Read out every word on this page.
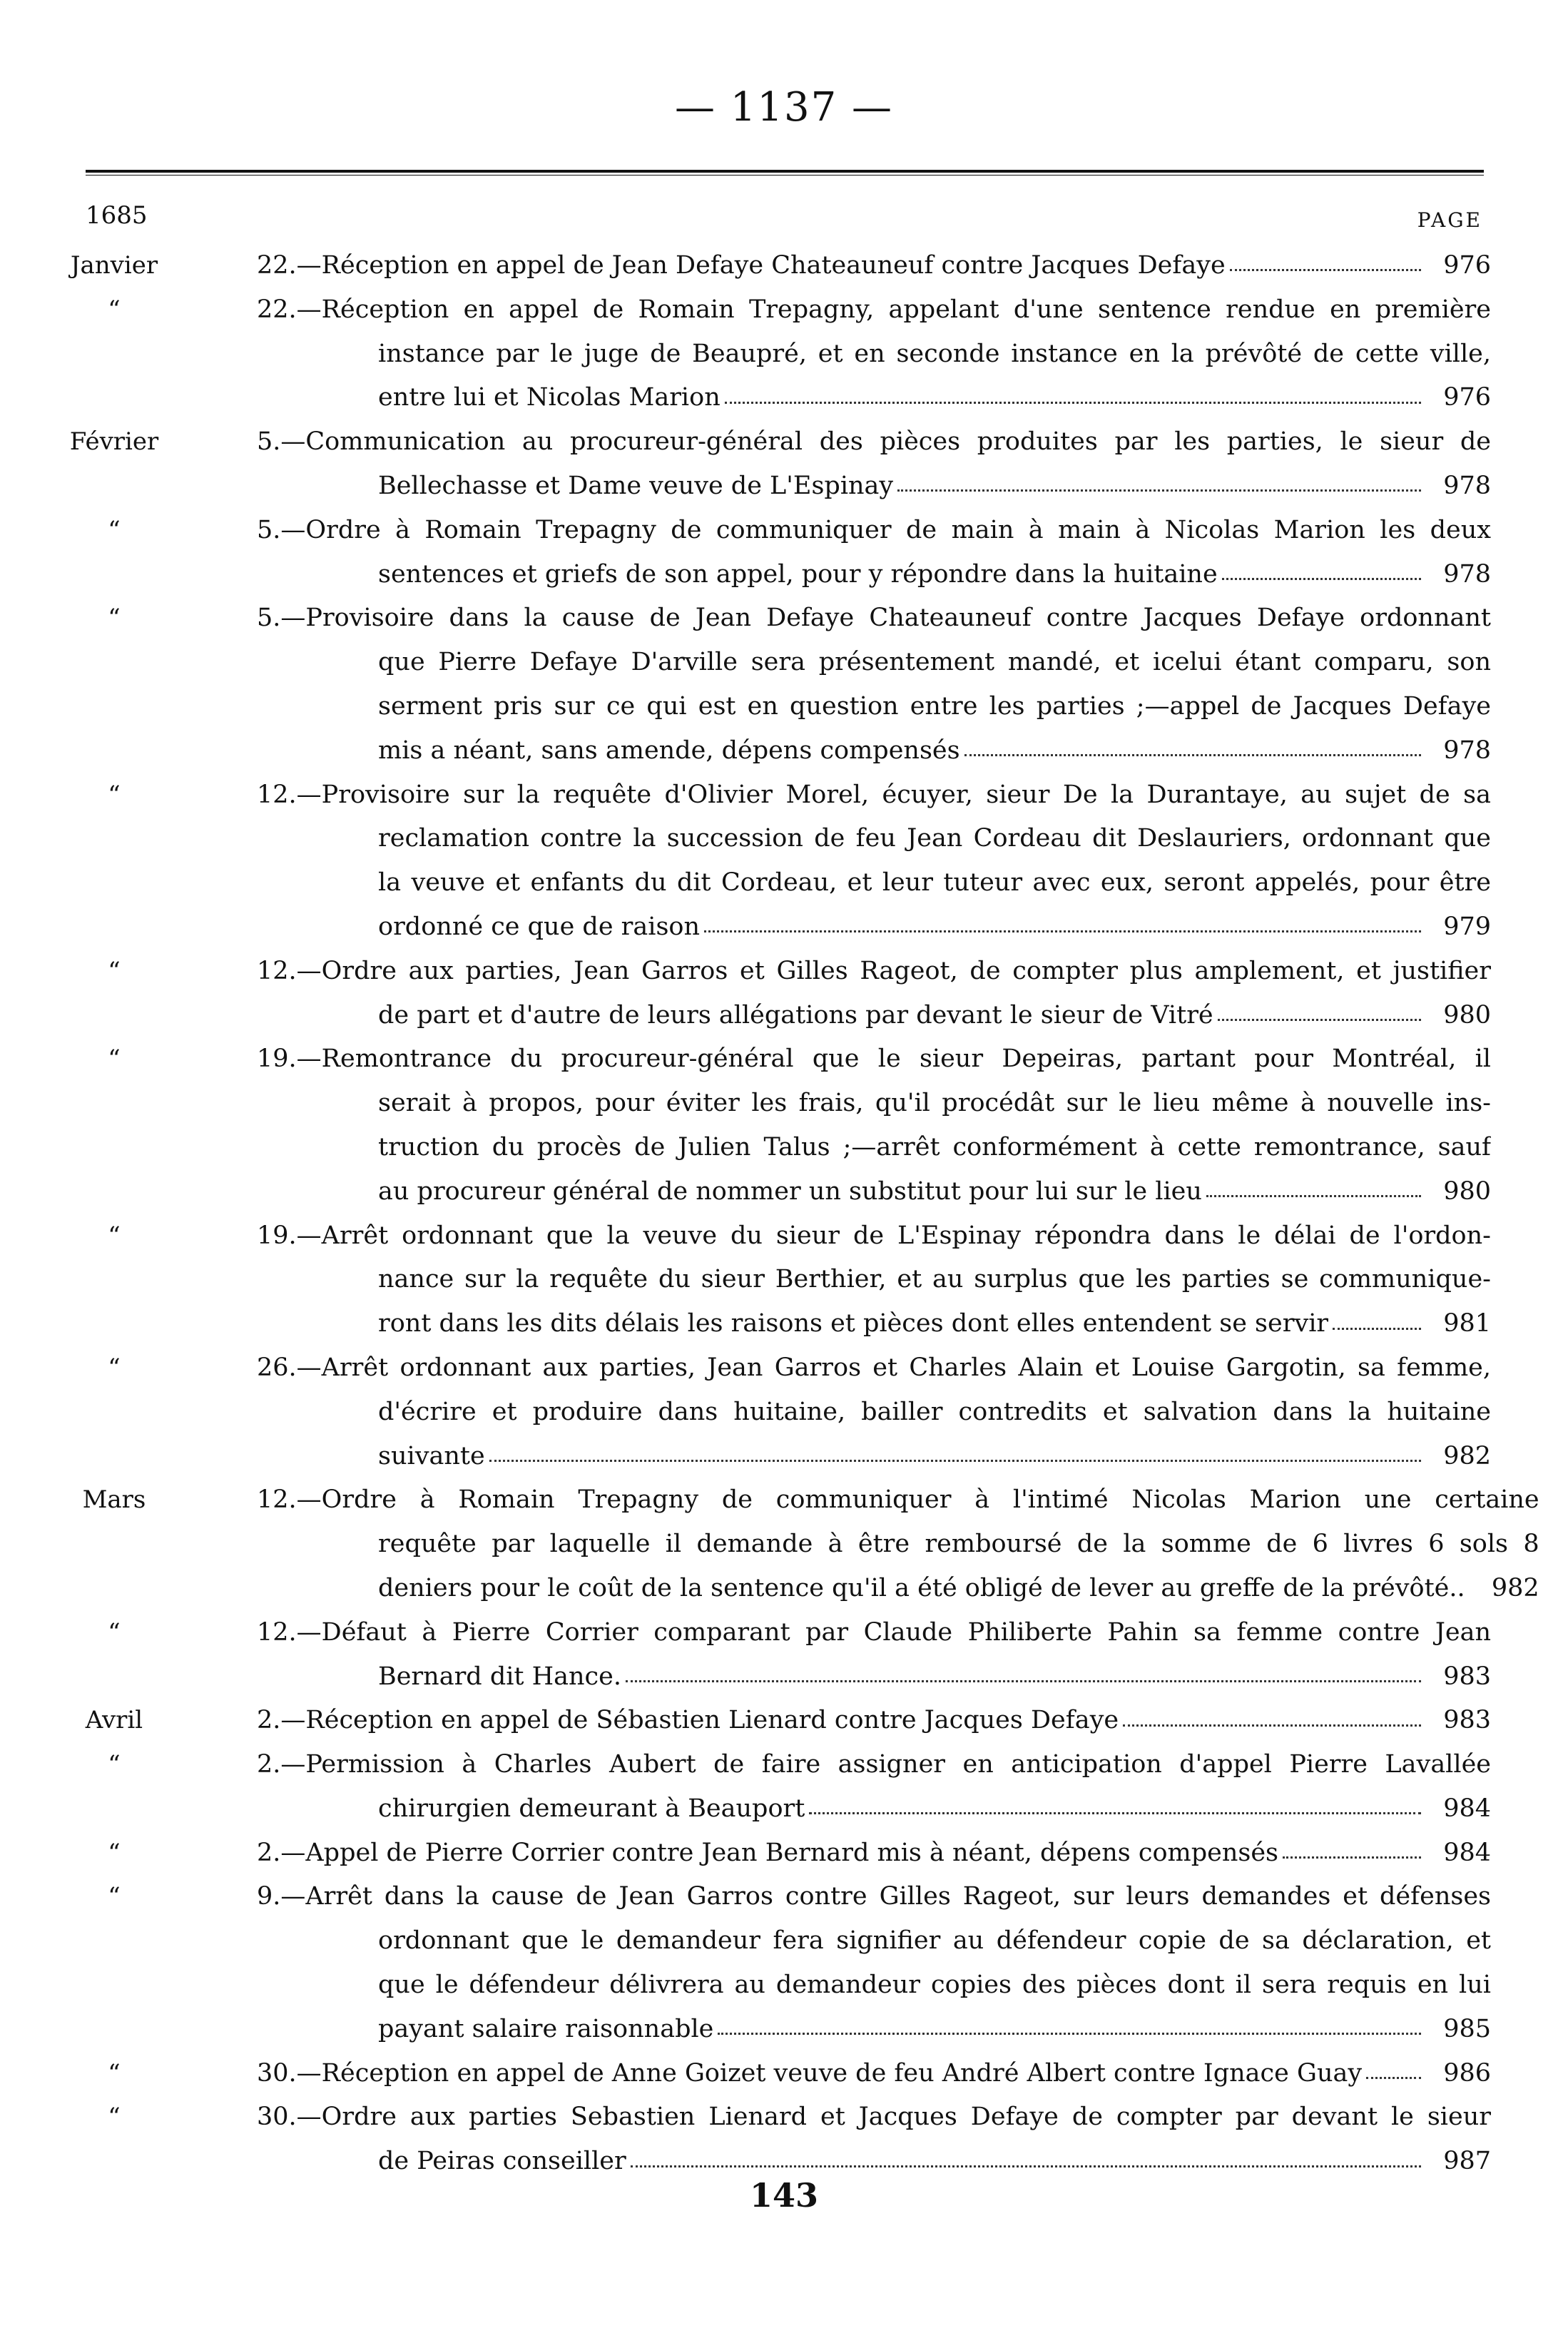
— 1137 —
1685	PAGE
Janvier	22.—Réception en appel de Jean Defaye Chateauneuf contre Jacques Defaye	976
“	22.—Réception en appel de Romain Trepagny, appelant d'une sentence rendue en première
instance par le juge de Beaupré, et en seconde instance en la prévôté de cette ville,
entre lui et Nicolas Marion	976
Février	5.—Communication au procureur-général des pièces produites par les parties, le sieur de
Bellechasse et Dame veuve de L'Espinay	978
“	5.—Ordre à Romain Trepagny de communiquer de main à main à Nicolas Marion les deux
sentences et griefs de son appel, pour y répondre dans la huitaine	978
“	5.—Provisoire dans la cause de Jean Defaye Chateauneuf contre Jacques Defaye ordonnant
que Pierre Defaye D'arville sera présentement mandé, et icelui étant comparu, son
serment pris sur ce qui est en question entre les parties ;—appel de Jacques Defaye
mis a néant, sans amende, dépens compensés	978
“	12.—Provisoire sur la requête d'Olivier Morel, écuyer, sieur De la Durantaye, au sujet de sa
reclamation contre la succession de feu Jean Cordeau dit Deslauriers, ordonnant que
la veuve et enfants du dit Cordeau, et leur tuteur avec eux, seront appelés, pour être
ordonné ce que de raison	979
“	12.—Ordre aux parties, Jean Garros et Gilles Rageot, de compter plus amplement, et justifier
de part et d'autre de leurs allégations par devant le sieur de Vitré	980
“	19.—Remontrance du procureur-général que le sieur Depeiras, partant pour Montréal, il
serait à propos, pour éviter les frais, qu'il procédât sur le lieu même à nouvelle ins-
truction du procès de Julien Talus ;—arrêt conformément à cette remontrance, sauf
au procureur général de nommer un substitut pour lui sur le lieu	980
“	19.—Arrêt ordonnant que la veuve du sieur de L'Espinay répondra dans le délai de l'ordon-
nance sur la requête du sieur Berthier, et au surplus que les parties se communique-
ront dans les dits délais les raisons et pièces dont elles entendent se servir	981
“	26.—Arrêt ordonnant aux parties, Jean Garros et Charles Alain et Louise Gargotin, sa femme,
d'écrire et produire dans huitaine, bailler contredits et salvation dans la huitaine
suivante	982
Mars	12.—Ordre à Romain Trepagny de communiquer à l'intimé Nicolas Marion une certaine
requête par laquelle il demande à être remboursé de la somme de 6 livres 6 sols 8
deniers pour le coût de la sentence qu'il a été obligé de lever au greffe de la prévôté..	982
“	12.—Défaut à Pierre Corrier comparant par Claude Philiberte Pahin sa femme contre Jean
Bernard dit Hance.	983
Avril	2.—Réception en appel de Sébastien Lienard contre Jacques Defaye	983
“	2.—Permission à Charles Aubert de faire assigner en anticipation d'appel Pierre Lavallée
chirurgien demeurant à Beauport	984
“	2.—Appel de Pierre Corrier contre Jean Bernard mis à néant, dépens compensés	984
“	9.—Arrêt dans la cause de Jean Garros contre Gilles Rageot, sur leurs demandes et défenses
ordonnant que le demandeur fera signifier au défendeur copie de sa déclaration, et
que le défendeur délivrera au demandeur copies des pièces dont il sera requis en lui
payant salaire raisonnable	985
“	30.—Réception en appel de Anne Goizet veuve de feu André Albert contre Ignace Guay	986
“	30.—Ordre aux parties Sebastien Lienard et Jacques Defaye de compter par devant le sieur
de Peiras conseiller	987
143
